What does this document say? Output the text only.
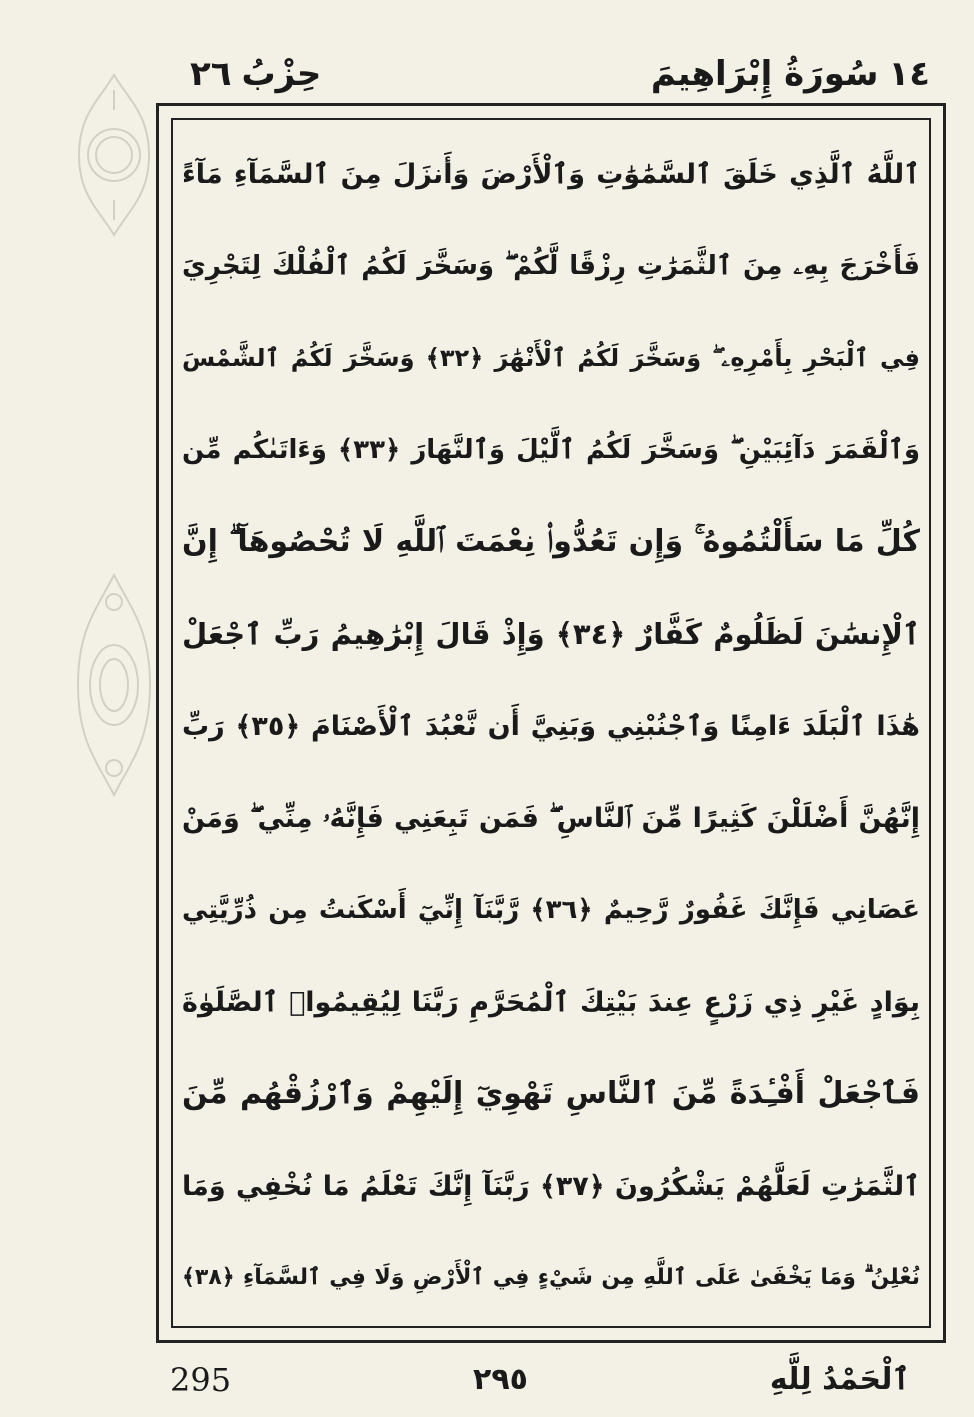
١٤
سُورَةُ إِبْرَاهِيمَ
حِزْبُ
٢٦
ٱللَّهُ ٱلَّذِي خَلَقَ ٱلسَّمَٰوَٰتِ وَٱلْأَرْضَ وَأَنزَلَ مِنَ ٱلسَّمَآءِ مَآءً
فَأَخْرَجَ بِهِۦ مِنَ ٱلثَّمَرَٰتِ رِزْقًا لَّكُمْ ۖ وَسَخَّرَ لَكُمُ ٱلْفُلْكَ لِتَجْرِيَ
فِي ٱلْبَحْرِ بِأَمْرِهِۦ ۖ وَسَخَّرَ لَكُمُ ٱلْأَنْهَٰرَ ﴿٣٢﴾ وَسَخَّرَ لَكُمُ ٱلشَّمْسَ
وَٱلْقَمَرَ دَآئِبَيْنِ ۖ وَسَخَّرَ لَكُمُ ٱلَّيْلَ وَٱلنَّهَارَ ﴿٣٣﴾ وَءَاتَىٰكُم مِّن
كُلِّ مَا سَأَلْتُمُوهُ ۚ وَإِن تَعُدُّوا۟ نِعْمَتَ ٱللَّهِ لَا تُحْصُوهَآ ۗ إِنَّ
ٱلْإِنسَٰنَ لَظَلُومٌ كَفَّارٌ ﴿٣٤﴾ وَإِذْ قَالَ إِبْرَٰهِيمُ رَبِّ ٱجْعَلْ
هَٰذَا ٱلْبَلَدَ ءَامِنًا وَٱجْنُبْنِي وَبَنِيَّ أَن نَّعْبُدَ ٱلْأَصْنَامَ ﴿٣٥﴾ رَبِّ
إِنَّهُنَّ أَضْلَلْنَ كَثِيرًا مِّنَ ٱلنَّاسِ ۖ فَمَن تَبِعَنِي فَإِنَّهُۥ مِنِّي ۖ وَمَنْ
عَصَانِي فَإِنَّكَ غَفُورٌ رَّحِيمٌ ﴿٣٦﴾ رَّبَّنَآ إِنِّيٓ أَسْكَنتُ مِن ذُرِّيَّتِي
بِوَادٍ غَيْرِ ذِي زَرْعٍ عِندَ بَيْتِكَ ٱلْمُحَرَّمِ رَبَّنَا لِيُقِيمُوا۟ ٱلصَّلَوٰةَ
فَٱجْعَلْ أَفْـِٔدَةً مِّنَ ٱلنَّاسِ تَهْوِيٓ إِلَيْهِمْ وَٱرْزُقْهُم مِّنَ
ٱلثَّمَرَٰتِ لَعَلَّهُمْ يَشْكُرُونَ ﴿٣٧﴾ رَبَّنَآ إِنَّكَ تَعْلَمُ مَا نُخْفِي وَمَا
نُعْلِنُ ۗ وَمَا يَخْفَىٰ عَلَى ٱللَّهِ مِن شَيْءٍ فِي ٱلْأَرْضِ وَلَا فِي ٱلسَّمَآءِ ﴿٣٨﴾
295	٢٩٥	ٱلْحَمْدُ لِلَّهِ
